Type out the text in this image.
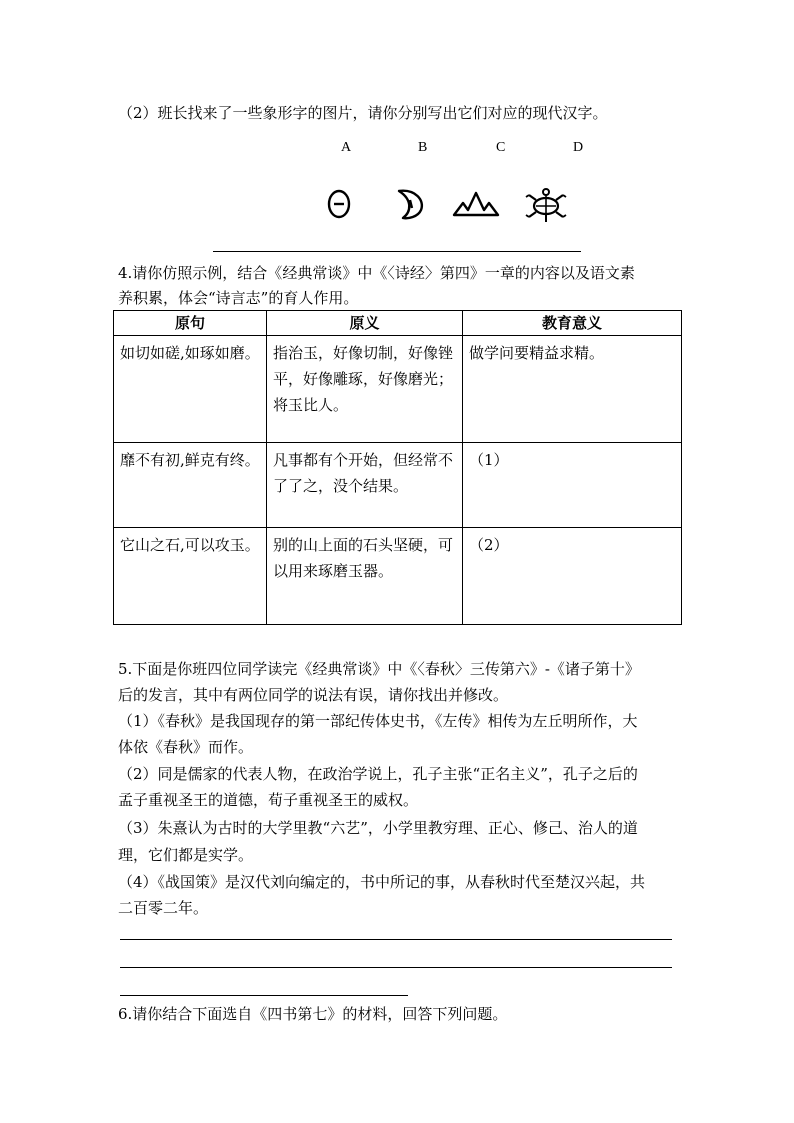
（2）班长找来了一些象形字的图片，请你分别写出它们对应的现代汉字。
A	B	C	D
4.请你仿照示例，结合《经典常谈》中《〈诗经〉第四》一章的内容以及语文素
养积累，体会“诗言志”的育人作用。
原句	原义	教育意义
如切如磋,如琢如磨。	指治玉，好像切制，好像锉平，好像雕琢，好像磨光；将玉比人。	做学问要精益求精。
靡不有初,鲜克有终。	凡事都有个开始，但经常不了了之，没个结果。	（1）
它山之石,可以攻玉。	别的山上面的石头坚硬，可以用来琢磨玉器。	（2）
5.下面是你班四位同学读完《经典常谈》中《〈春秋〉三传第六》-《诸子第十》
后的发言，其中有两位同学的说法有误，请你找出并修改。
（1）《春秋》是我国现存的第一部纪传体史书，《左传》相传为左丘明所作，大
体依《春秋》而作。
（2）同是儒家的代表人物，在政治学说上，孔子主张“正名主义”，孔子之后的
孟子重视圣王的道德，荀子重视圣王的威权。
（3）朱熹认为古时的大学里教“六艺”，小学里教穷理、正心、修己、治人的道
理，它们都是实学。
（4）《战国策》是汉代刘向编定的，书中所记的事，从春秋时代至楚汉兴起，共
二百零二年。
6.请你结合下面选自《四书第七》的材料，回答下列问题。
